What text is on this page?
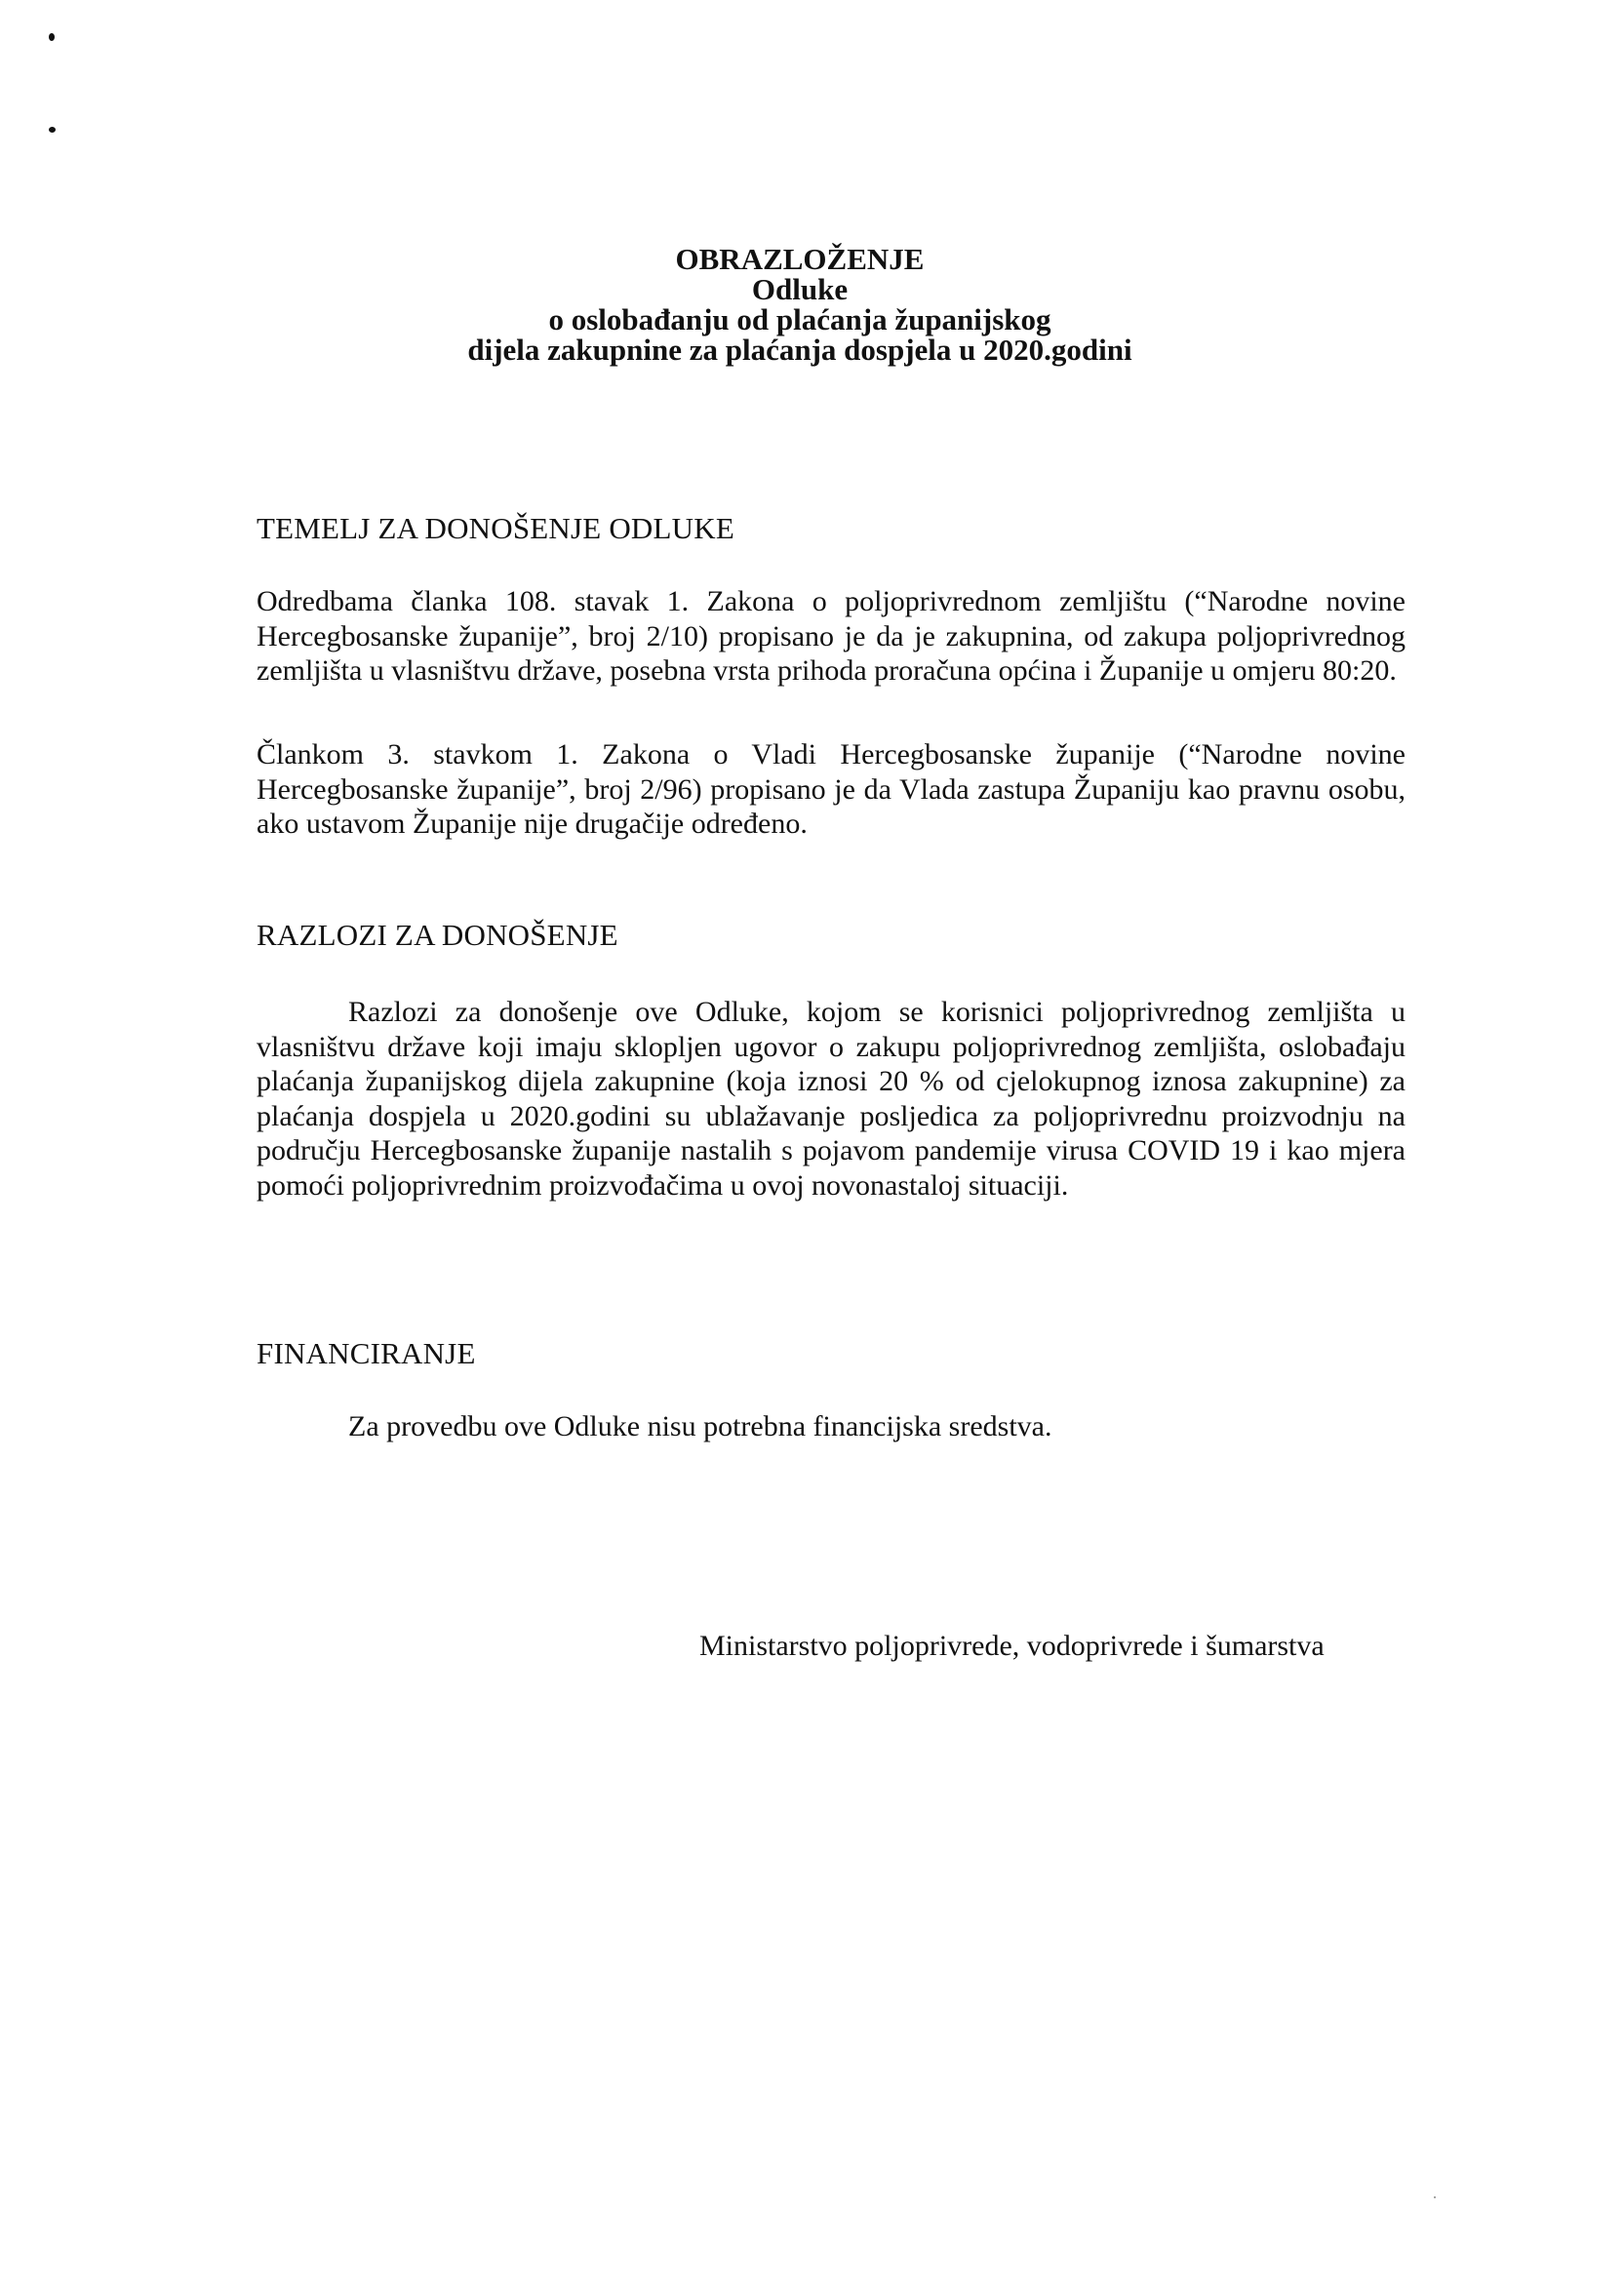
OBRAZLOŽENJE
Odluke
o oslobađanju od plaćanja županijskog
dijela zakupnine za plaćanja dospjela u 2020.godini
TEMELJ ZA DONOŠENJE ODLUKE
Odredbama članka 108. stavak 1. Zakona o poljoprivrednom zemljištu (“Narodne novine Hercegbosanske županije”, broj 2/10) propisano je da je zakupnina, od zakupa poljoprivrednog zemljišta u vlasništvu države, posebna vrsta prihoda proračuna općina i Županije u omjeru 80:20.
Člankom 3. stavkom 1. Zakona o Vladi Hercegbosanske županije (“Narodne novine Hercegbosanske županije”, broj 2/96) propisano je da Vlada zastupa Županiju kao pravnu osobu, ako ustavom Županije nije drugačije određeno.
RAZLOZI ZA DONOŠENJE
Razlozi za donošenje ove Odluke, kojom se korisnici poljoprivrednog zemljišta u vlasništvu države koji imaju sklopljen ugovor o zakupu poljoprivrednog zemljišta, oslobađaju plaćanja županijskog dijela zakupnine (koja iznosi 20 % od cjelokupnog iznosa zakupnine) za plaćanja dospjela u 2020.godini su ublažavanje posljedica za poljoprivrednu proizvodnju na području Hercegbosanske županije nastalih s pojavom pandemije virusa COVID 19 i kao mjera pomoći poljoprivrednim proizvođačima u ovoj novonastaloj situaciji.
FINANCIRANJE
Za provedbu ove Odluke nisu potrebna financijska sredstva.
Ministarstvo poljoprivrede, vodoprivrede i šumarstva
